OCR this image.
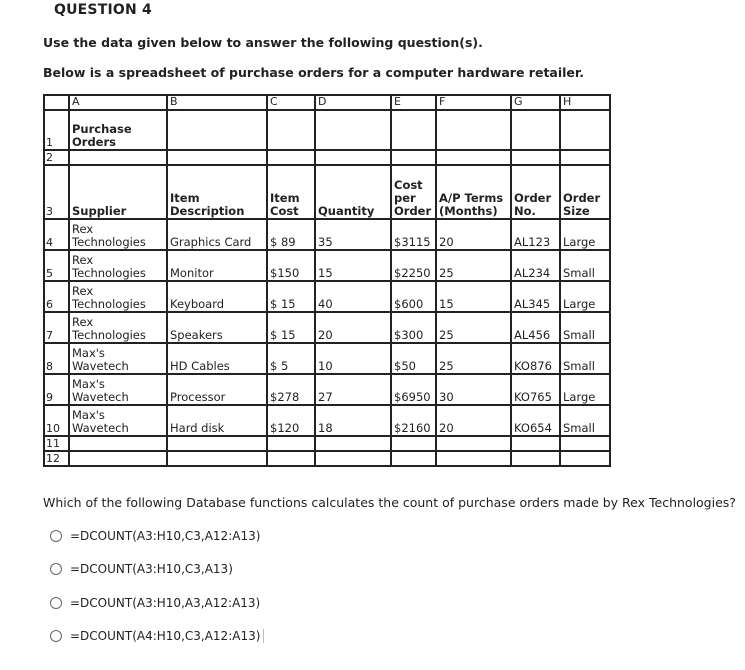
QUESTION 4
Use the data given below to answer the following question(s).
Below is a spreadsheet of purchase orders for a computer hardware retailer.
	A	B	C	D	E	F	G	H
1	Purchase Orders							
2								
3	Supplier	Item Description	Item Cost	Quantity	Cost per Order	A/P Terms (Months)	Order No.	Order Size
4	Rex Technologies	Graphics Card	$ 89	35	$3115	20	AL123	Large
5	Rex Technologies	Monitor	$150	15	$2250	25	AL234	Small
6	Rex Technologies	Keyboard	$ 15	40	$600	15	AL345	Large
7	Rex Technologies	Speakers	$ 15	20	$300	25	AL456	Small
8	Max's Wavetech	HD Cables	$ 5	10	$50	25	KO876	Small
9	Max's Wavetech	Processor	$278	27	$6950	30	KO765	Large
10	Max's Wavetech	Hard disk	$120	18	$2160	20	KO654	Small
11								
12								
Which of the following Database functions calculates the count of purchase orders made by Rex Technologies?
=DCOUNT(A3:H10,C3,A12:A13)
=DCOUNT(A3:H10,C3,A13)
=DCOUNT(A3:H10,A3,A12:A13)
=DCOUNT(A4:H10,C3,A12:A13)
